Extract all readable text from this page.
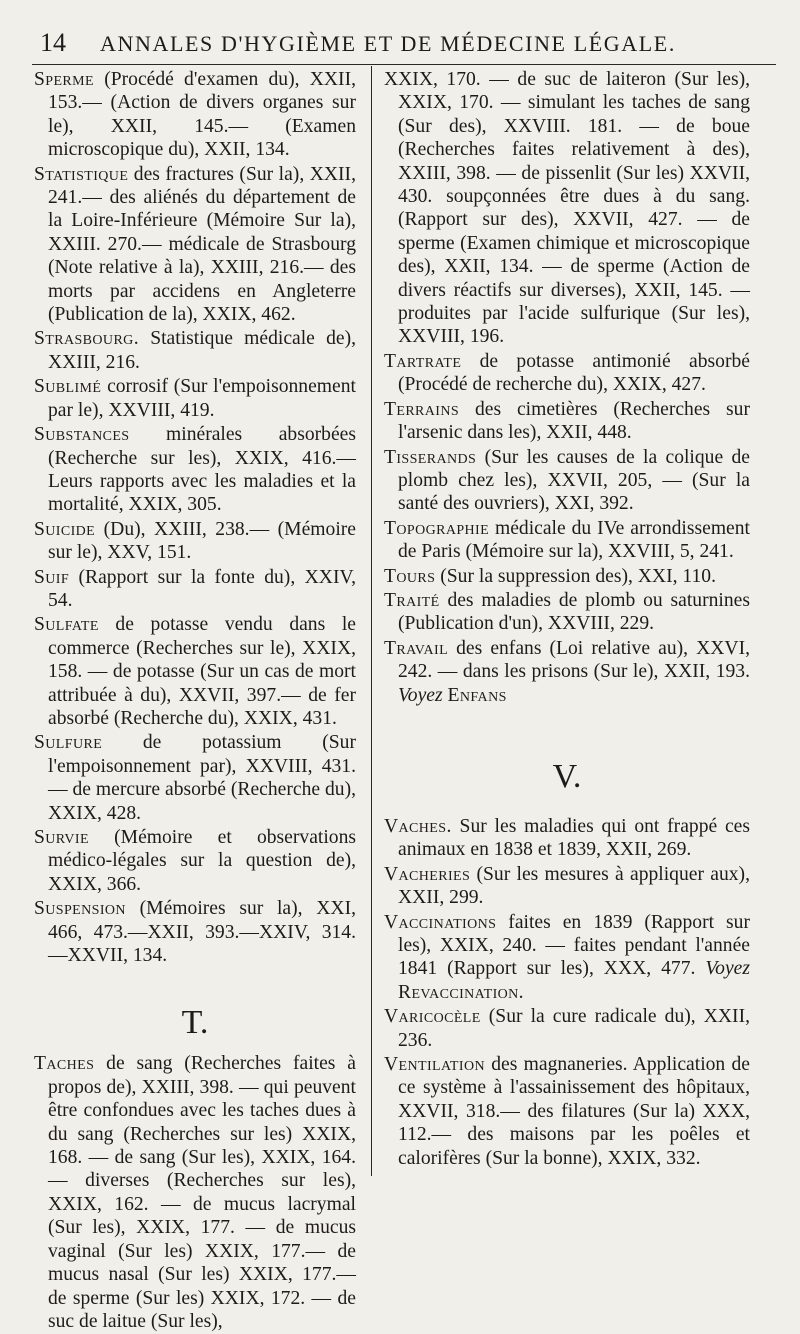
14	ANNALES D'HYGIÈME ET DE MÉDECINE LÉGALE.

Sperme (Procédé d'examen du), XXII, 153.— (Action de divers organes sur le), XXII, 145.— (Examen microscopique du), XXII, 134.

Statistique des fractures (Sur la), XXII, 241.— des aliénés du département de la Loire-Inférieure (Mémoire Sur la), XXIII. 270.— médicale de Strasbourg (Note relative à la), XXIII, 216.— des morts par accidens en Angleterre (Publication de la), XXIX, 462.

Strasbourg. Statistique médicale de), XXIII, 216.

Sublimé corrosif (Sur l'empoisonnement par le), XXVIII, 419.

Substances minérales absorbées (Recherche sur les), XXIX, 416.— Leurs rapports avec les maladies et la mortalité, XXIX, 305.

Suicide (Du), XXIII, 238.— (Mémoire sur le), XXV, 151.

Suif (Rapport sur la fonte du), XXIV, 54.

Sulfate de potasse vendu dans le commerce (Recherches sur le), XXIX, 158. — de potasse (Sur un cas de mort attribuée à du), XXVII, 397.— de fer absorbé (Recherche du), XXIX, 431.

Sulfure de potassium (Sur l'empoisonnement par), XXVIII, 431.— de mercure absorbé (Recherche du), XXIX, 428.

Survie (Mémoire et observations médico-légales sur la question de), XXIX, 366.

Suspension (Mémoires sur la), XXI, 466, 473.—XXII, 393.—XXIV, 314. —XXVII, 134.

T.

Taches de sang (Recherches faites à propos de), XXIII, 398. — qui peuvent être confondues avec les taches dues à du sang (Recherches sur les) XXIX, 168. — de sang (Sur les), XXIX, 164. — diverses (Recherches sur les), XXIX, 162. — de mucus lacrymal (Sur les), XXIX, 177. — de mucus vaginal (Sur les) XXIX, 177.— de mucus nasal (Sur les) XXIX, 177.— de sperme (Sur les) XXIX, 172. — de suc de laitue (Sur les),

XXIX, 170. — de suc de laiteron (Sur les), XXIX, 170. — simulant les taches de sang (Sur des), XXVIII. 181. — de boue (Recherches faites relativement à des), XXIII, 398. — de pissenlit (Sur les) XXVII, 430. soupçonnées être dues à du sang. (Rapport sur des), XXVII, 427. — de sperme (Examen chimique et microscopique des), XXII, 134. — de sperme (Action de divers réactifs sur diverses), XXII, 145. — produites par l'acide sulfurique (Sur les), XXVIII, 196.

Tartrate de potasse antimonié absorbé (Procédé de recherche du), XXIX, 427.

Terrains des cimetières (Recherches sur l'arsenic dans les), XXII, 448.

Tisserands (Sur les causes de la colique de plomb chez les), XXVII, 205, — (Sur la santé des ouvriers), XXI, 392.

Topographie médicale du IVe arrondissement de Paris (Mémoire sur la), XXVIII, 5, 241.

Tours (Sur la suppression des), XXI, 110.

Traité des maladies de plomb ou saturnines (Publication d'un), XXVIII, 229.

Travail des enfans (Loi relative au), XXVI, 242. — dans les prisons (Sur le), XXII, 193. Voyez Enfans

V.

Vaches. Sur les maladies qui ont frappé ces animaux en 1838 et 1839, XXII, 269.

Vacheries (Sur les mesures à appliquer aux), XXII, 299.

Vaccinations faites en 1839 (Rapport sur les), XXIX, 240. — faites pendant l'année 1841 (Rapport sur les), XXX, 477. Voyez Revaccination.

Varicocèle (Sur la cure radicale du), XXII, 236.

Ventilation des magnaneries. Application de ce système à l'assainissement des hôpitaux, XXVII, 318.— des filatures (Sur la) XXX, 112.— des maisons par les poêles et calorifères (Sur la bonne), XXIX, 332.
